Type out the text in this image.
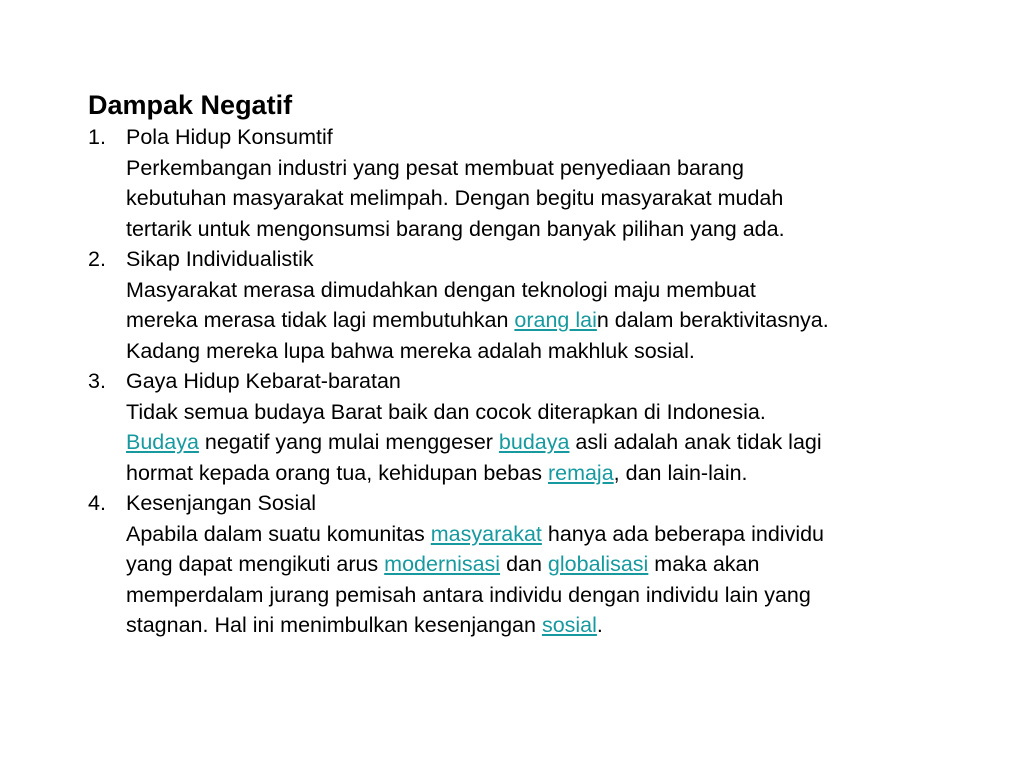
Dampak Negatif
1. Pola Hidup Konsumtif
Perkembangan industri yang pesat membuat penyediaan barang
kebutuhan masyarakat melimpah. Dengan begitu masyarakat mudah
tertarik untuk mengonsumsi barang dengan banyak pilihan yang ada.
2. Sikap Individualistik
Masyarakat merasa dimudahkan dengan teknologi maju membuat
mereka merasa tidak lagi membutuhkan orang lain dalam beraktivitasnya.
Kadang mereka lupa bahwa mereka adalah makhluk sosial.
3. Gaya Hidup Kebarat-baratan
Tidak semua budaya Barat baik dan cocok diterapkan di Indonesia.
Budaya negatif yang mulai menggeser budaya asli adalah anak tidak lagi
hormat kepada orang tua, kehidupan bebas remaja, dan lain-lain.
4. Kesenjangan Sosial
Apabila dalam suatu komunitas masyarakat hanya ada beberapa individu
yang dapat mengikuti arus modernisasi dan globalisasi maka akan
memperdalam jurang pemisah antara individu dengan individu lain yang
stagnan. Hal ini menimbulkan kesenjangan sosial.
